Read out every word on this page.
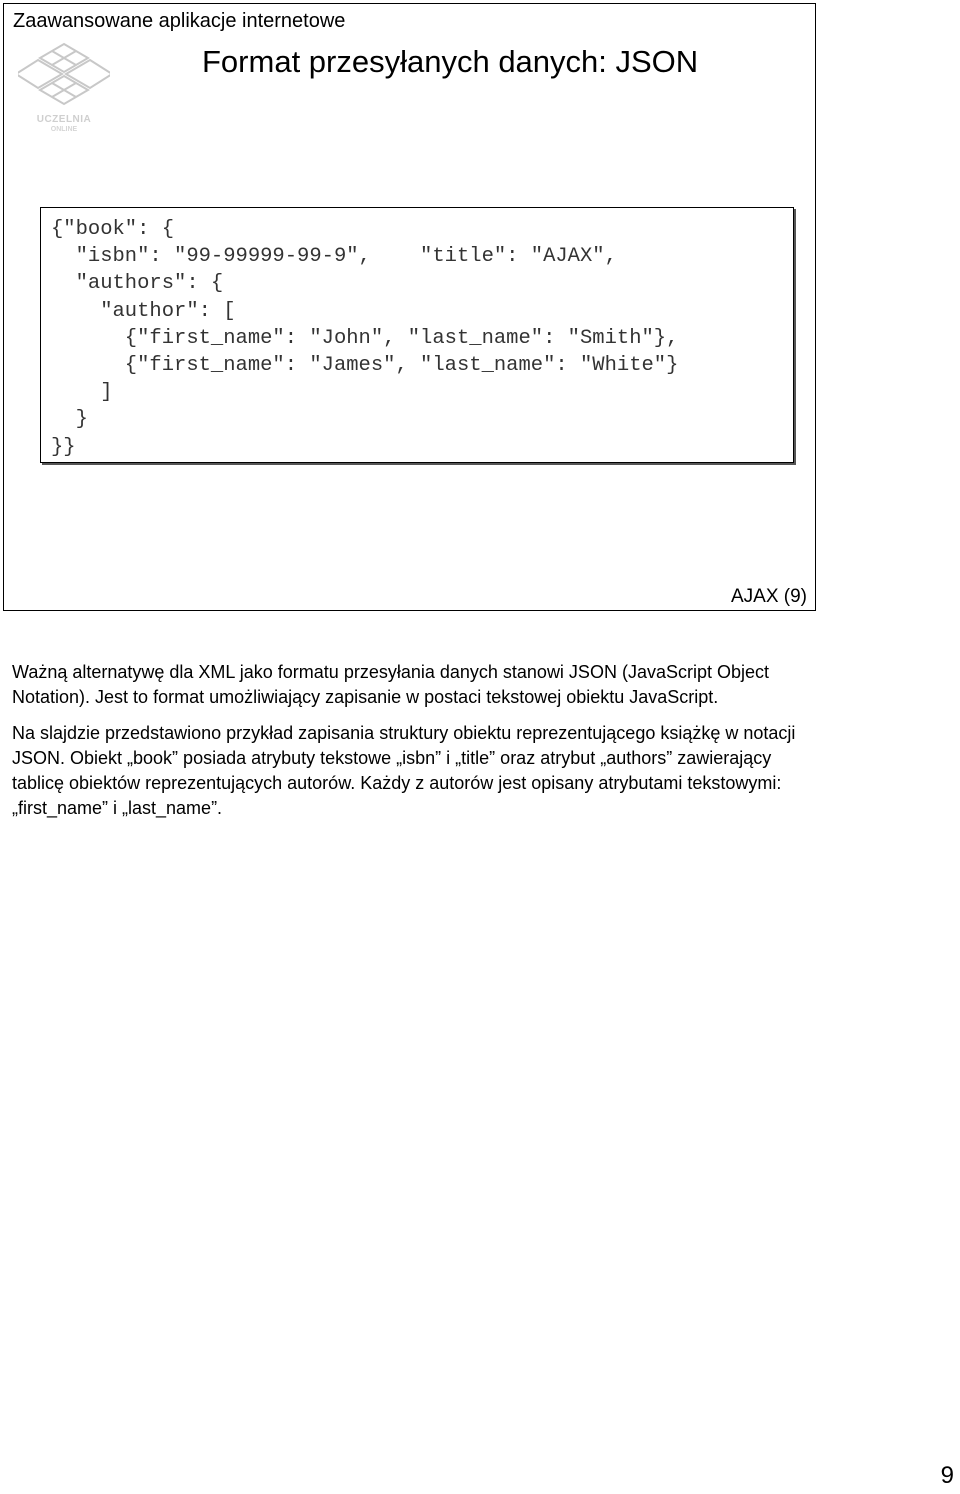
Zaawansowane aplikacje internetowe
UCZELNIA
ONLINE
Format przesyłanych danych: JSON
{"book": {
"isbn": "99-99999-99-9",    "title": "AJAX",
"authors": {
"author": [
{"first_name": "John", "last_name": "Smith"},
{"first_name": "James", "last_name": "White"}
]
}
}}
AJAX (9)

Ważną alternatywę dla XML jako formatu przesyłania danych stanowi JSON (JavaScript Object Notation). Jest to format umożliwiający zapisanie w postaci tekstowej obiektu JavaScript.

Na slajdzie przedstawiono przykład zapisania struktury obiektu reprezentującego książkę w notacji JSON. Obiekt „book” posiada atrybuty tekstowe „isbn” i „title” oraz atrybut „authors” zawierający tablicę obiektów reprezentujących autorów. Każdy z autorów jest opisany atrybutami tekstowymi: „first_name” i „last_name”.

9
